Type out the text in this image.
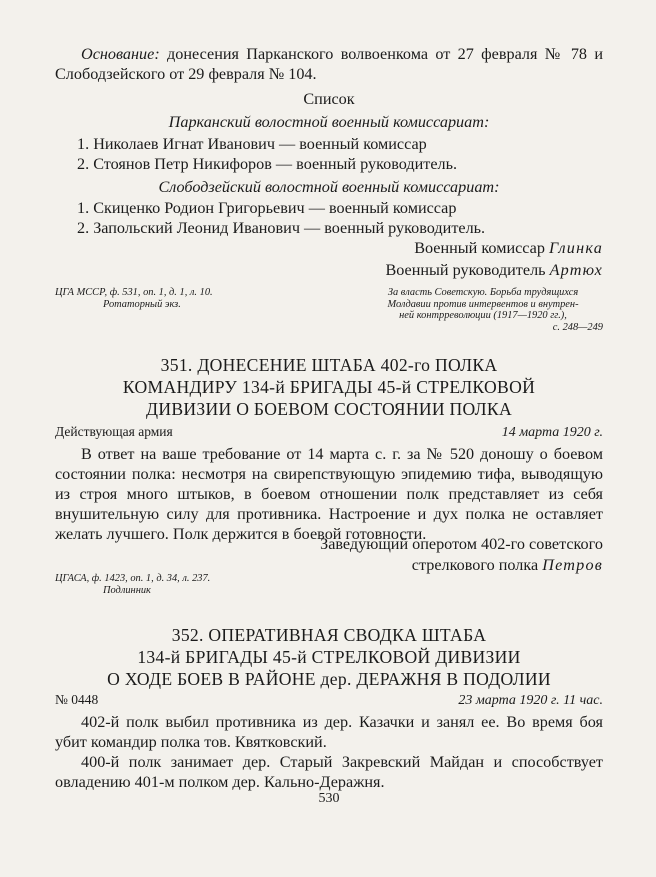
Основание: донесения Парканского волвоенкома от 27 февраля № 78 и Слободзейского от 29 февраля № 104.

Список
Парканский волостной военный комиссариат:
1. Николаев Игнат Иванович — военный комиссар
2. Стоянов Петр Никифоров — военный руководитель.
Слободзейский волостной военный комиссариат:
1. Скиценко Родион Григорьевич — военный комиссар
2. Запольский Леонид Иванович — военный руководитель.
Военный комиссар Глинка
Военный руководитель Артюх
ЦГА МССР, ф. 531, оп. 1, д. 1, л. 10.
Ротаторный экз.
За власть Советскую. Борьба трудящихся
Молдавии против интервентов и внутрен-
ней контрреволюции (1917—1920 гг.),
с. 248—249
351. ДОНЕСЕНИЕ ШТАБА 402-го ПОЛКА
КОМАНДИРУ 134-й БРИГАДЫ 45-й СТРЕЛКОВОЙ
ДИВИЗИИ О БОЕВОМ СОСТОЯНИИ ПОЛКА
Действующая армия	14 марта 1920 г.

В ответ на ваше требование от 14 марта с. г. за № 520 доношу о боевом состоянии полка: несмотря на свирепствующую эпидемию тифа, выводящую из строя много штыков, в боевом отношении полк представляет из себя внушительную силу для противника. Настроение и дух полка не оставляет желать лучшего. Полк держится в боевой готовности.

Заведующий оперотом 402-го советского
стрелкового полка Петров
ЦГАСА, ф. 1423, оп. 1, д. 34, л. 237.
Подлинник
352. ОПЕРАТИВНАЯ СВОДКА ШТАБА
134-й БРИГАДЫ 45-й СТРЕЛКОВОЙ ДИВИЗИИ
О ХОДЕ БОЕВ В РАЙОНЕ дер. ДЕРАЖНЯ В ПОДОЛИИ
№ 0448	23 марта 1920 г. 11 час.

402-й полк выбил противника из дер. Казачки и занял ее. Во время боя убит командир полка тов. Квятковский.

400-й полк занимает дер. Старый Закревский Майдан и способствует овладению 401-м полком дер. Кально-Деражня.

530
